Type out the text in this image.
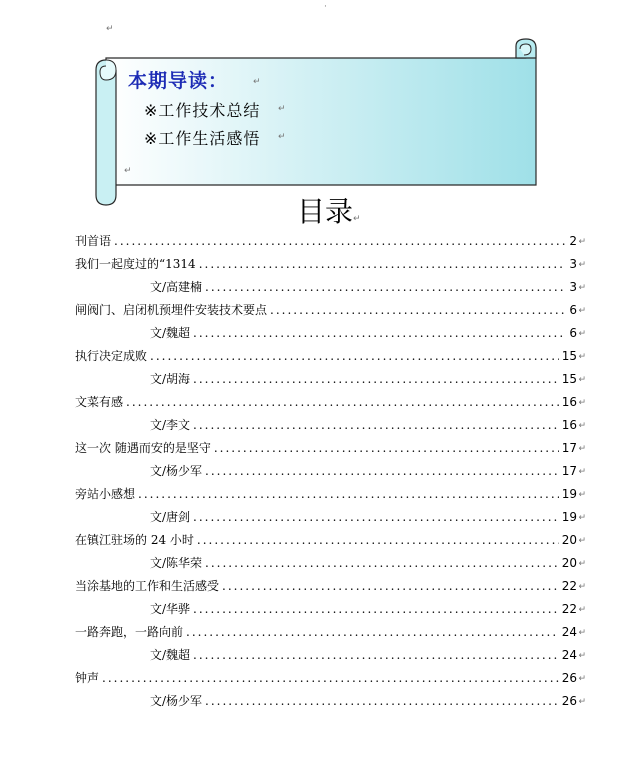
·
↵
本期导读：	↵
※工作技术总结 ↵
※工作生活感悟 ↵
↵
目录↵
刊首语 .....	2 ↵
我们一起度过的“1314 .....	3 ↵
文/高建楠 .....	3 ↵
闸阀门、启闭机预埋件安装技术要点 .....	6 ↵
文/魏超 .....	6 ↵
执行决定成败 .....	15 ↵
文/胡海 .....	15 ↵
文菜有感 .....	16 ↵
文/李文 .....	16 ↵
这一次 随遇而安的是坚守 .....	17 ↵
文/杨少军 .....	17 ↵
旁站小感想 .....	19 ↵
文/唐剑 .....	19 ↵
在镇江驻场的 24 小时 .....	20 ↵
文/陈华荣 .....	20 ↵
当涂基地的工作和生活感受 .....	22 ↵
文/华骅 .....	22 ↵
一路奔跑，一路向前 .....	24 ↵
文/魏超 .....	24 ↵
钟声 .....	26 ↵
文/杨少军 .....	26 ↵
